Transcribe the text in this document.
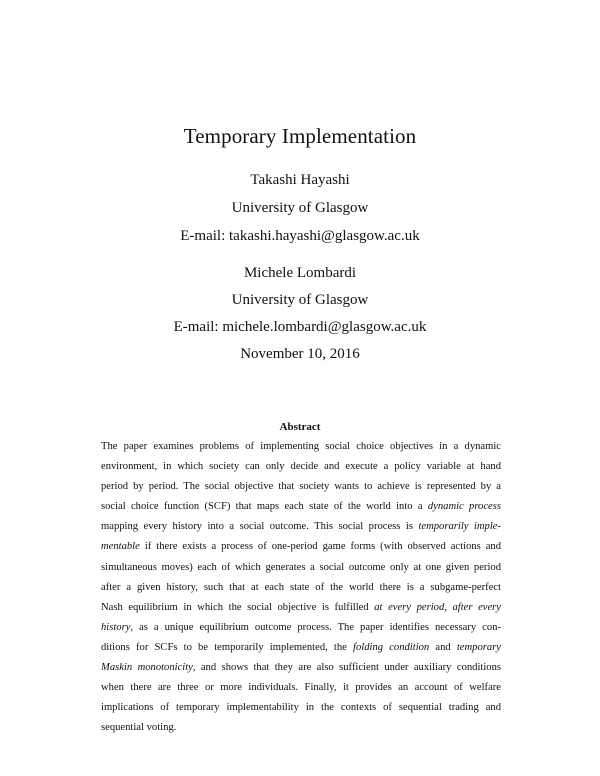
Temporary Implementation
Takashi Hayashi
University of Glasgow
E-mail: takashi.hayashi@glasgow.ac.uk
Michele Lombardi
University of Glasgow
E-mail: michele.lombardi@glasgow.ac.uk
November 10, 2016
Abstract
The paper examines problems of implementing social choice objectives in a dynamic
environment, in which society can only decide and execute a policy variable at hand
period by period. The social objective that society wants to achieve is represented by a
social choice function (SCF) that maps each state of the world into a dynamic process
mapping every history into a social outcome. This social process is temporarily imple-
mentable if there exists a process of one-period game forms (with observed actions and
simultaneous moves) each of which generates a social outcome only at one given period
after a given history, such that at each state of the world there is a subgame-perfect
Nash equilibrium in which the social objective is fulfilled at every period, after every
history, as a unique equilibrium outcome process. The paper identifies necessary con-
ditions for SCFs to be temporarily implemented, the folding condition and temporary
Maskin monotonicity, and shows that they are also sufficient under auxiliary conditions
when there are three or more individuals. Finally, it provides an account of welfare
implications of temporary implementability in the contexts of sequential trading and
sequential voting.
